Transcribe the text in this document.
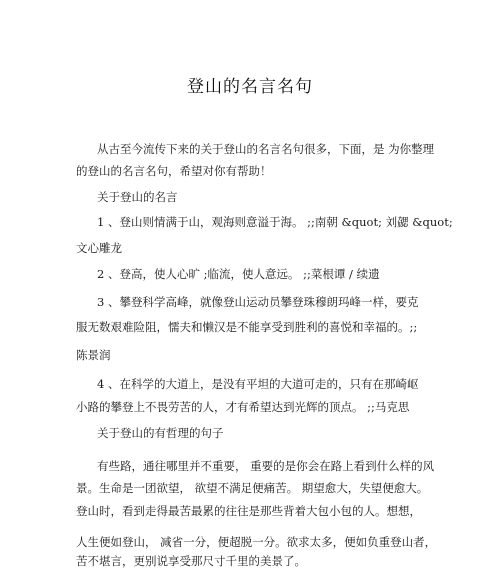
登山的名言名句
从古至今流传下来的关于登山的名言名句很多，下面，是 为你整理
的登山的名言名句，希望对你有帮助！
关于登山的名言
1 、登山则情满于山，观海则意溢于海。 ;;南朝 &quot; 刘勰 &quot;
文心雕龙
2 、登高，使人心旷 ;临流，使人意远。 ;;菜根谭 / 续遗
3 、攀登科学高峰，就像登山运动员攀登珠穆朗玛峰一样，要克
服无数艰难险阻，懦夫和懒汉是不能享受到胜利的喜悦和幸福的。;;
陈景润
4 、在科学的大道上，是没有平坦的大道可走的，只有在那崎岖
小路的攀登上不畏劳苦的人，才有希望达到光辉的顶点。 ;;马克思
关于登山的有哲理的句子
有些路，通往哪里并不重要， 重要的是你会在路上看到什么样的风
景。生命是一团欲望， 欲望不满足便痛苦。 期望愈大，失望便愈大。
登山时，看到走得最苦最累的往往是那些背着大包小包的人。想想，
人生便如登山， 减省一分，便超脱一分。欲求太多，便如负重登山者，
苦不堪言，更别说享受那尺寸千里的美景了。
